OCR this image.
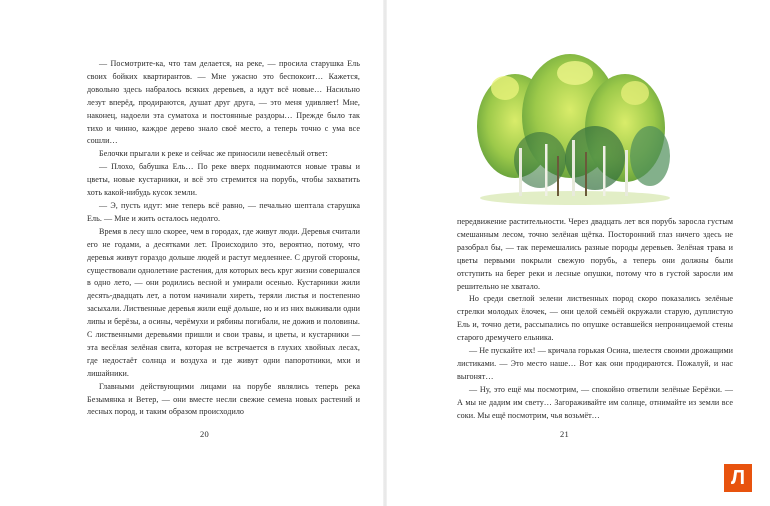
— Посмотрите-ка, что там делается, на реке, — просила старушка Ель своих бойких квартирантов. — Мне ужасно это беспокоит… Кажется, довольно здесь набралось всяких деревьев, а идут всё новые… Насильно лезут вперёд, продираются, душат друг друга, — это меня удивляет! Мне, наконец, надоели эта суматоха и постоянные раздоры… Прежде было так тихо и чинно, каждое дерево знало своё место, а теперь точно с ума все сошли…

Белочки прыгали к реке и сейчас же приносили невесёлый ответ:

— Плохо, бабушка Ель… По реке вверх поднимаются новые травы и цветы, новые кустарники, и всё это стремится на порубь, чтобы захватить хоть какой-нибудь кусок земли.

— Э, пусть идут: мне теперь всё равно, — печально шептала старушка Ель. — Мне и жить осталось недолго.

Время в лесу шло скорее, чем в городах, где живут люди. Деревья считали его не годами, а десятками лет. Происходило это, вероятно, потому, что деревья живут гораздо дольше людей и растут медленнее. С другой стороны, существовали однолетние растения, для которых весь круг жизни совершался в одно лето, — они родились весной и умирали осенью. Кустарники жили десять-двадцать лет, а потом начинали хиреть, теряли листья и постепенно засыхали. Лиственные деревья жили ещё дольше, но и из них выживали одни липы и берёзы, а осины, черёмухи и рябины погибали, не дожив и половины. С лиственными деревьями пришли и свои травы, и цветы, и кустарники — эта весёлая зелёная свита, которая не встречается в глухих хвойных лесах, где недостаёт солнца и воздуха и где живут одни папоротники, мхи и лишайники.

Главными действующими лицами на порубе являлись теперь река Безымянка и Ветер, — они вместе несли свежие семена новых растений и лесных пород, и таким образом происходило

20

передвижение растительности. Через двадцать лет вся порубь заросла густым смешанным лесом, точно зелёная щётка. Посторонний глаз ничего здесь не разобрал бы, — так перемешались разные породы деревьев. Зелёная трава и цветы первыми покрыли свежую порубь, а теперь они должны были отступить на берег реки и лесные опушки, потому что в густой заросли им решительно не хватало.

Но среди светлой зелени лиственных пород скоро показались зелёные стрелки молодых ёлочек, — они целой семьёй окружали старую, дуплистую Ель и, точно дети, рассыпались по опушке оставшейся непроницаемой стены старого дремучего ельника.

— Не пускайте их! — кричала горькая Осина, шелестя своими дрожащими листиками. — Это место наше… Вот как они продираются. Пожалуй, и нас выгонят…

— Ну, это ещё мы посмотрим, — спокойно ответили зелёные Берёзки. — А мы не дадим им свету… Загораживайте им солнце, отнимайте из земли все соки. Мы ещё посмотрим, чья возьмёт…

21
Л
